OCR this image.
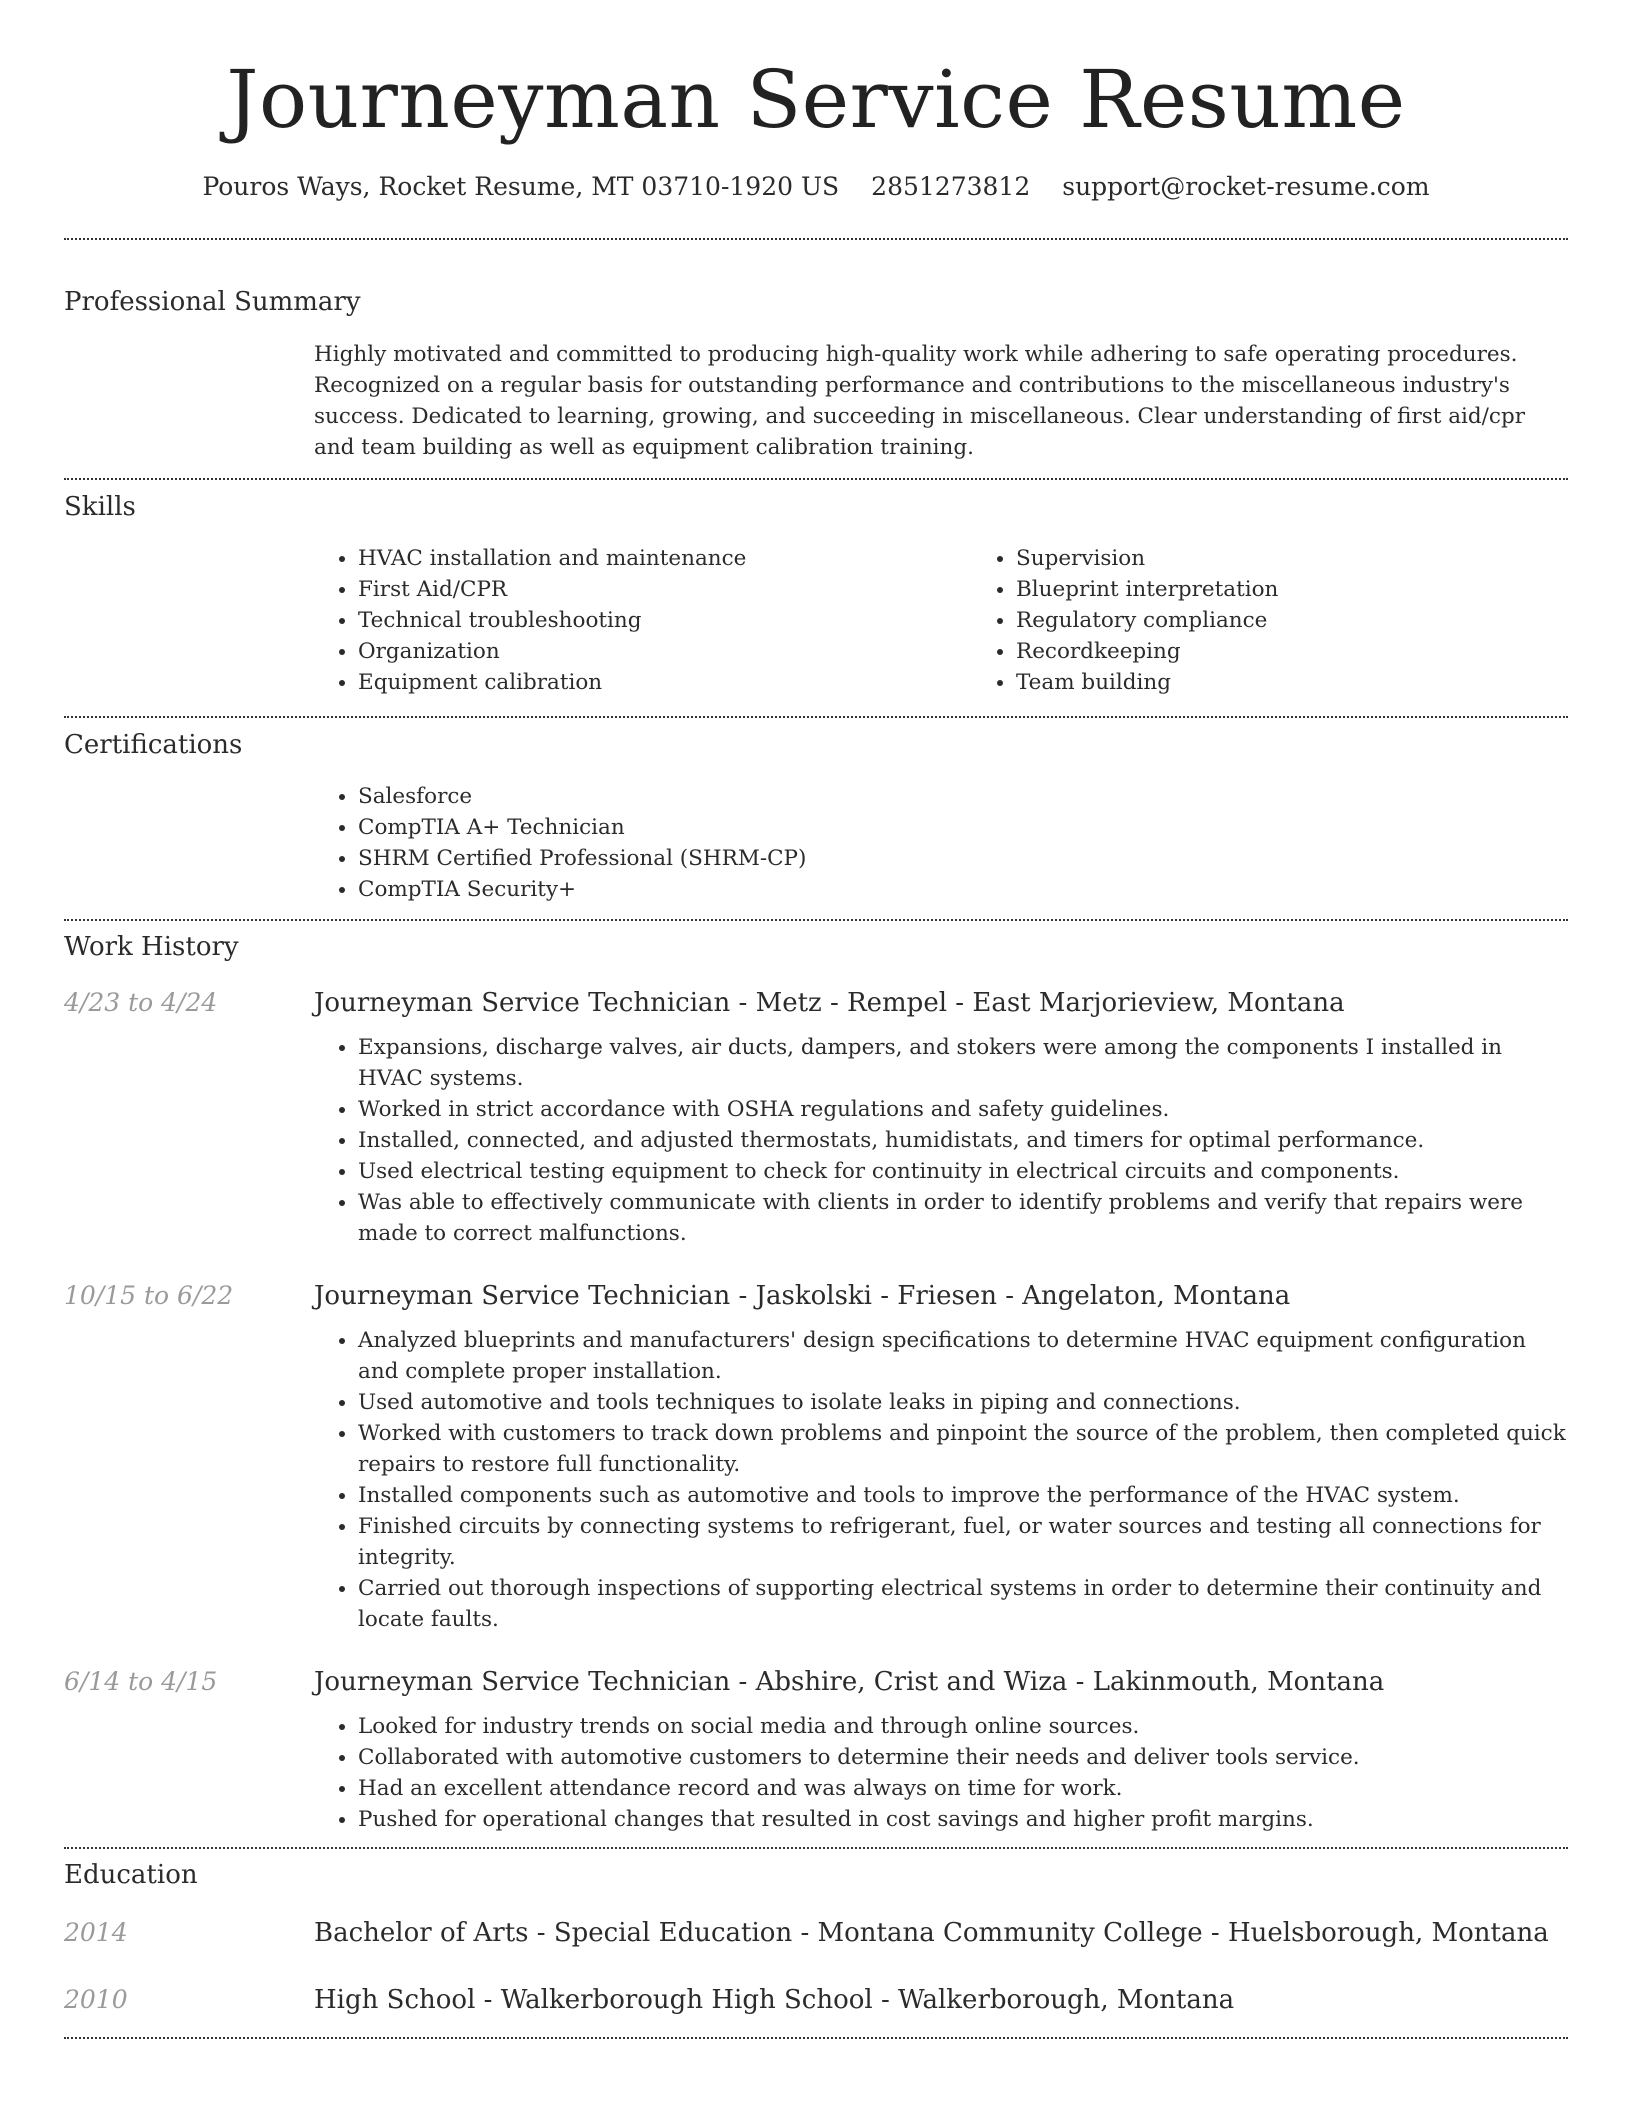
Journeyman Service Resume
Pouros Ways, Rocket Resume, MT 03710-1920 US 2851273812 support@rocket-resume.com
Professional Summary
Highly motivated and committed to producing high-quality work while adhering to safe operating procedures. Recognized on a regular basis for outstanding performance and contributions to the miscellaneous industry's success. Dedicated to learning, growing, and succeeding in miscellaneous. Clear understanding of first aid/cpr and team building as well as equipment calibration training.
Skills
• HVAC installation and maintenance
• First Aid/CPR
• Technical troubleshooting
• Organization
• Equipment calibration
• Supervision
• Blueprint interpretation
• Regulatory compliance
• Recordkeeping
• Team building
Certifications
• Salesforce
• CompTIA A+ Technician
• SHRM Certified Professional (SHRM-CP)
• CompTIA Security+
Work History
4/23 to 4/24	Journeyman Service Technician - Metz - Rempel - East Marjorieview, Montana
• Expansions, discharge valves, air ducts, dampers, and stokers were among the components I installed in HVAC systems.
• Worked in strict accordance with OSHA regulations and safety guidelines.
• Installed, connected, and adjusted thermostats, humidistats, and timers for optimal performance.
• Used electrical testing equipment to check for continuity in electrical circuits and components.
• Was able to effectively communicate with clients in order to identify problems and verify that repairs were made to correct malfunctions.
10/15 to 6/22	Journeyman Service Technician - Jaskolski - Friesen - Angelaton, Montana
• Analyzed blueprints and manufacturers' design specifications to determine HVAC equipment configuration and complete proper installation.
• Used automotive and tools techniques to isolate leaks in piping and connections.
• Worked with customers to track down problems and pinpoint the source of the problem, then completed quick repairs to restore full functionality.
• Installed components such as automotive and tools to improve the performance of the HVAC system.
• Finished circuits by connecting systems to refrigerant, fuel, or water sources and testing all connections for integrity.
• Carried out thorough inspections of supporting electrical systems in order to determine their continuity and locate faults.
6/14 to 4/15	Journeyman Service Technician - Abshire, Crist and Wiza - Lakinmouth, Montana
• Looked for industry trends on social media and through online sources.
• Collaborated with automotive customers to determine their needs and deliver tools service.
• Had an excellent attendance record and was always on time for work.
• Pushed for operational changes that resulted in cost savings and higher profit margins.
Education
2014	Bachelor of Arts - Special Education - Montana Community College - Huelsborough, Montana
2010	High School - Walkerborough High School - Walkerborough, Montana
